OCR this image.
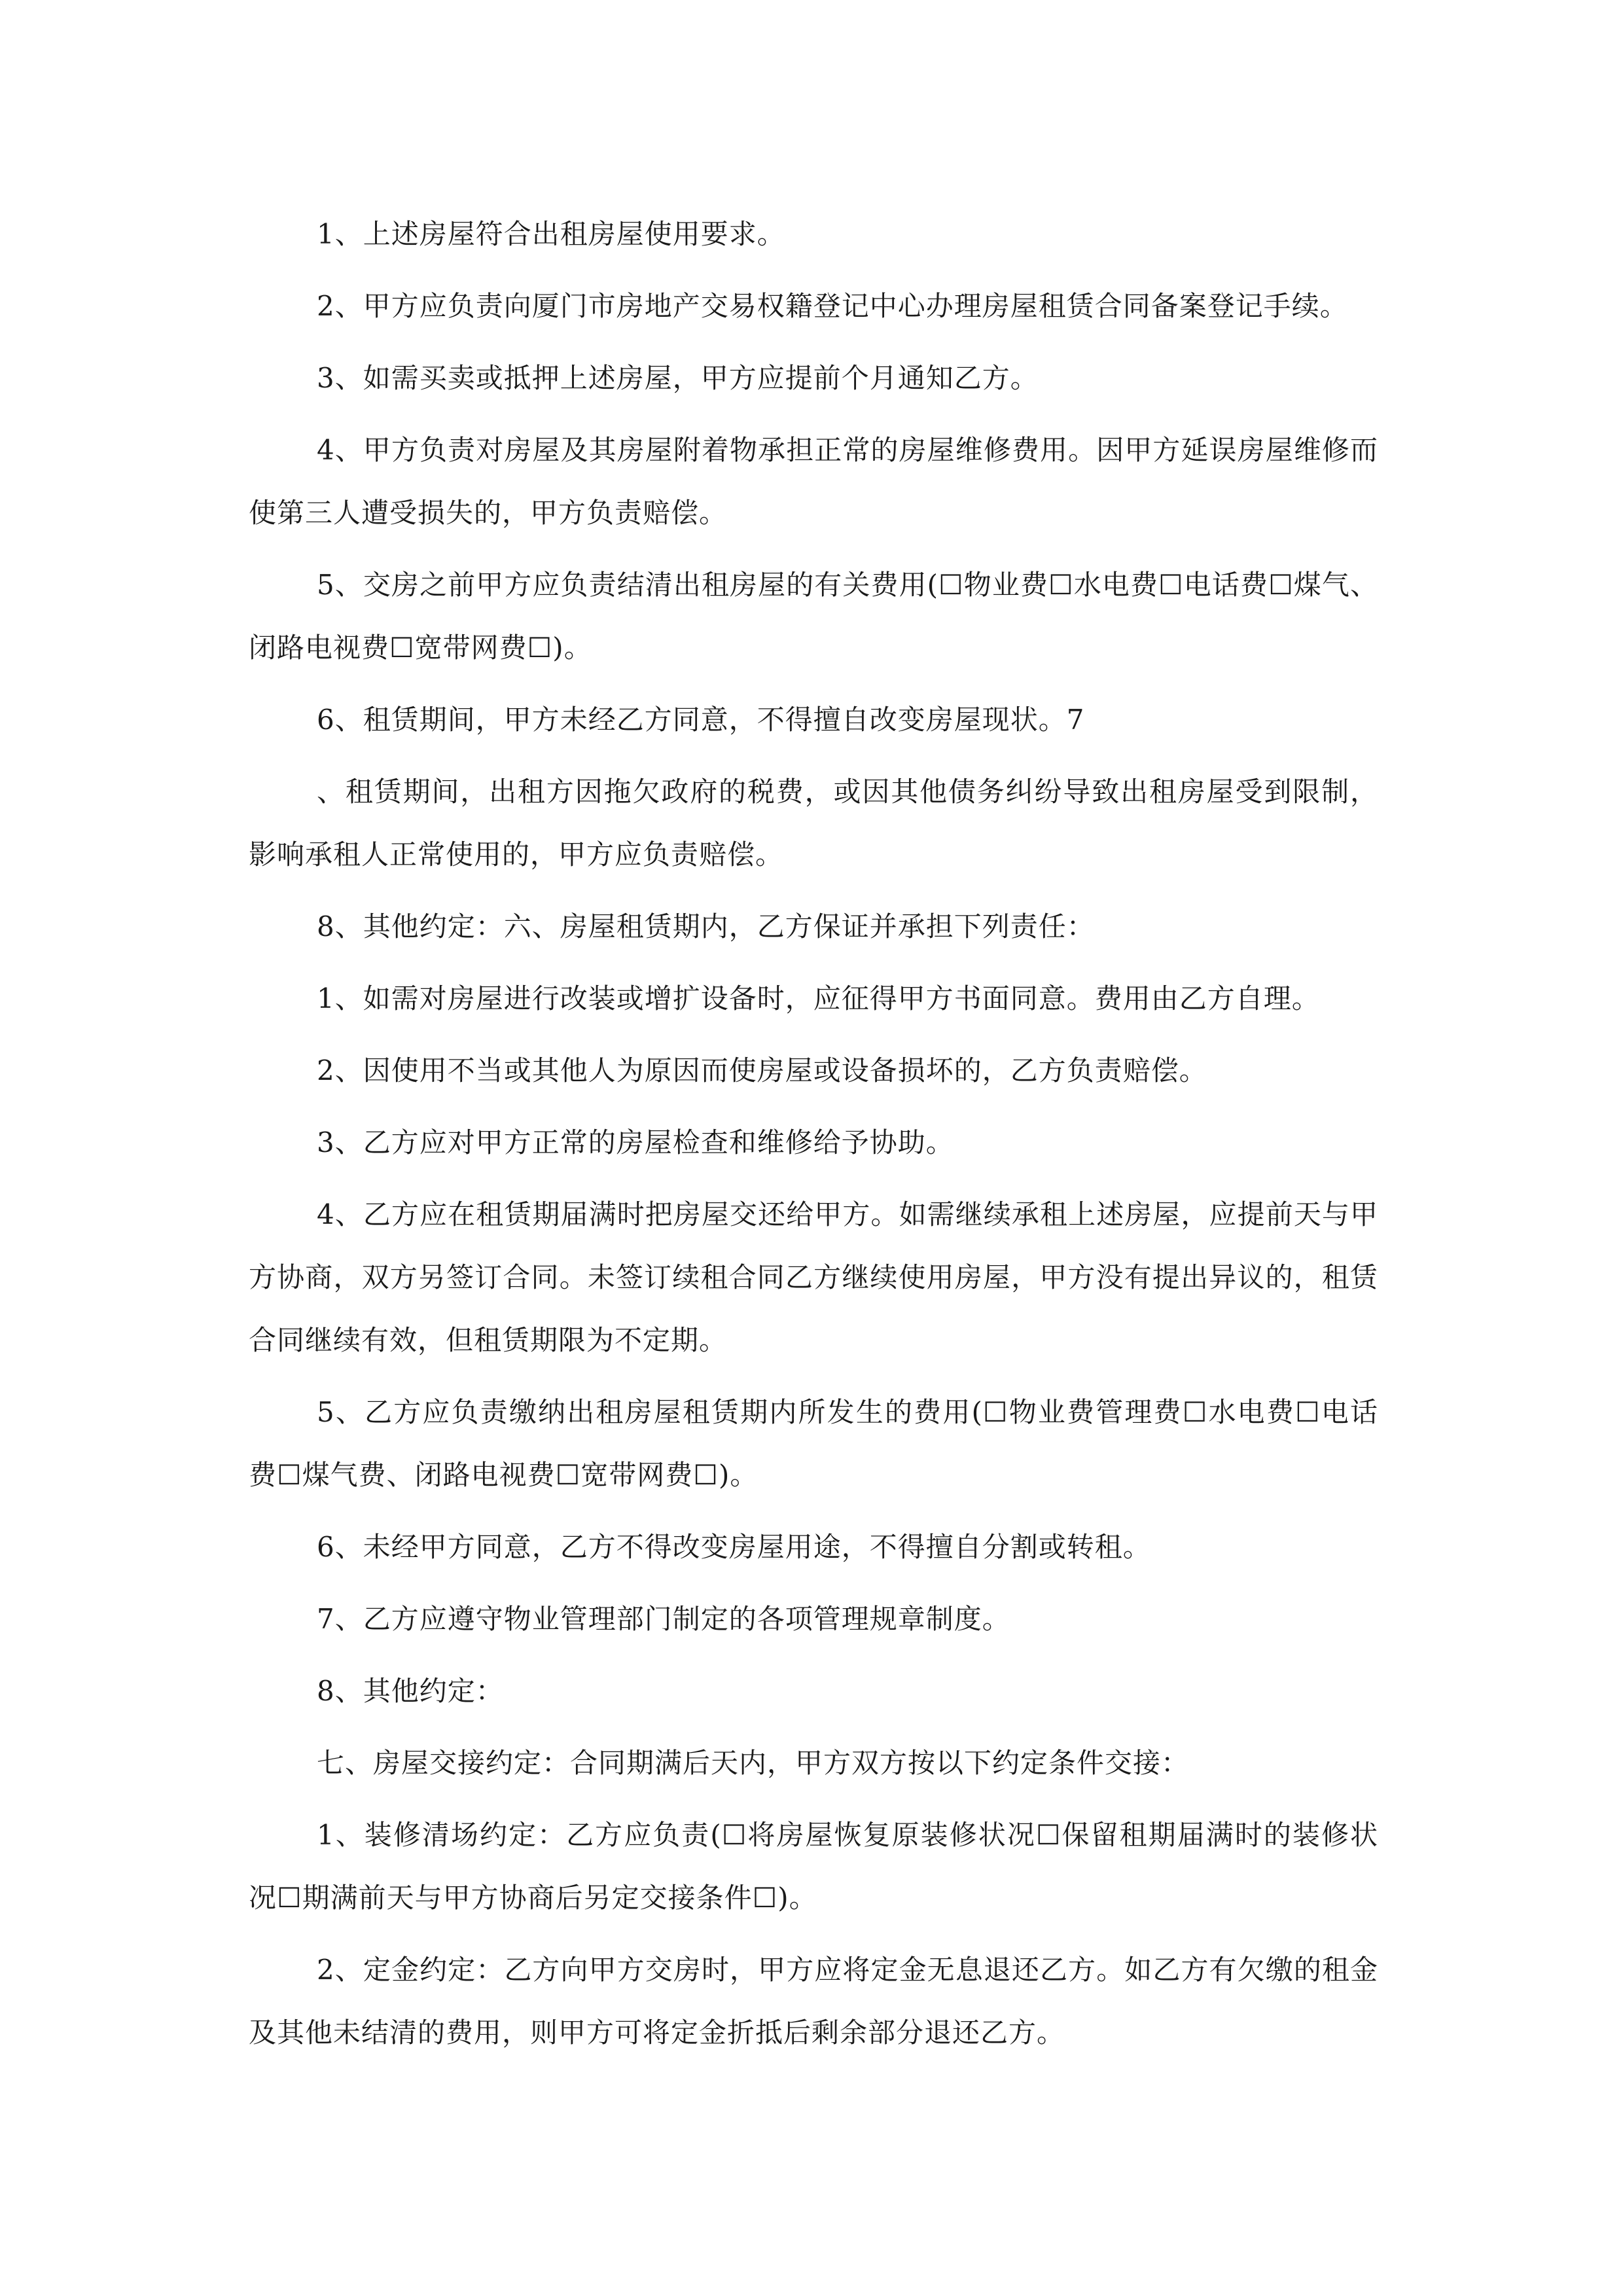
1、上述房屋符合出租房屋使用要求。

2、甲方应负责向厦门市房地产交易权籍登记中心办理房屋租赁合同备案登记手续。

3、如需买卖或抵押上述房屋，甲方应提前个月通知乙方。

4、甲方负责对房屋及其房屋附着物承担正常的房屋维修费用。因甲方延误房屋维修而使第三人遭受损失的，甲方负责赔偿。

5、交房之前甲方应负责结清出租房屋的有关费用(☐物业费☐水电费☐电话费☐煤气、闭路电视费☐宽带网费☐)。

6、租赁期间，甲方未经乙方同意，不得擅自改变房屋现状。7

、租赁期间，出租方因拖欠政府的税费，或因其他债务纠纷导致出租房屋受到限制，影响承租人正常使用的，甲方应负责赔偿。

8、其他约定：六、房屋租赁期内，乙方保证并承担下列责任：

1、如需对房屋进行改装或增扩设备时，应征得甲方书面同意。费用由乙方自理。

2、因使用不当或其他人为原因而使房屋或设备损坏的，乙方负责赔偿。

3、乙方应对甲方正常的房屋检查和维修给予协助。

4、乙方应在租赁期届满时把房屋交还给甲方。如需继续承租上述房屋，应提前天与甲方协商，双方另签订合同。未签订续租合同乙方继续使用房屋，甲方没有提出异议的，租赁合同继续有效，但租赁期限为不定期。

5、乙方应负责缴纳出租房屋租赁期内所发生的费用(☐物业费管理费☐水电费☐电话费☐煤气费、闭路电视费☐宽带网费☐)。

6、未经甲方同意，乙方不得改变房屋用途，不得擅自分割或转租。

7、乙方应遵守物业管理部门制定的各项管理规章制度。

8、其他约定：

七、房屋交接约定：合同期满后天内，甲方双方按以下约定条件交接：

1、装修清场约定：乙方应负责(☐将房屋恢复原装修状况☐保留租期届满时的装修状况☐期满前天与甲方协商后另定交接条件☐)。

2、定金约定：乙方向甲方交房时，甲方应将定金无息退还乙方。如乙方有欠缴的租金及其他未结清的费用，则甲方可将定金折抵后剩余部分退还乙方。
